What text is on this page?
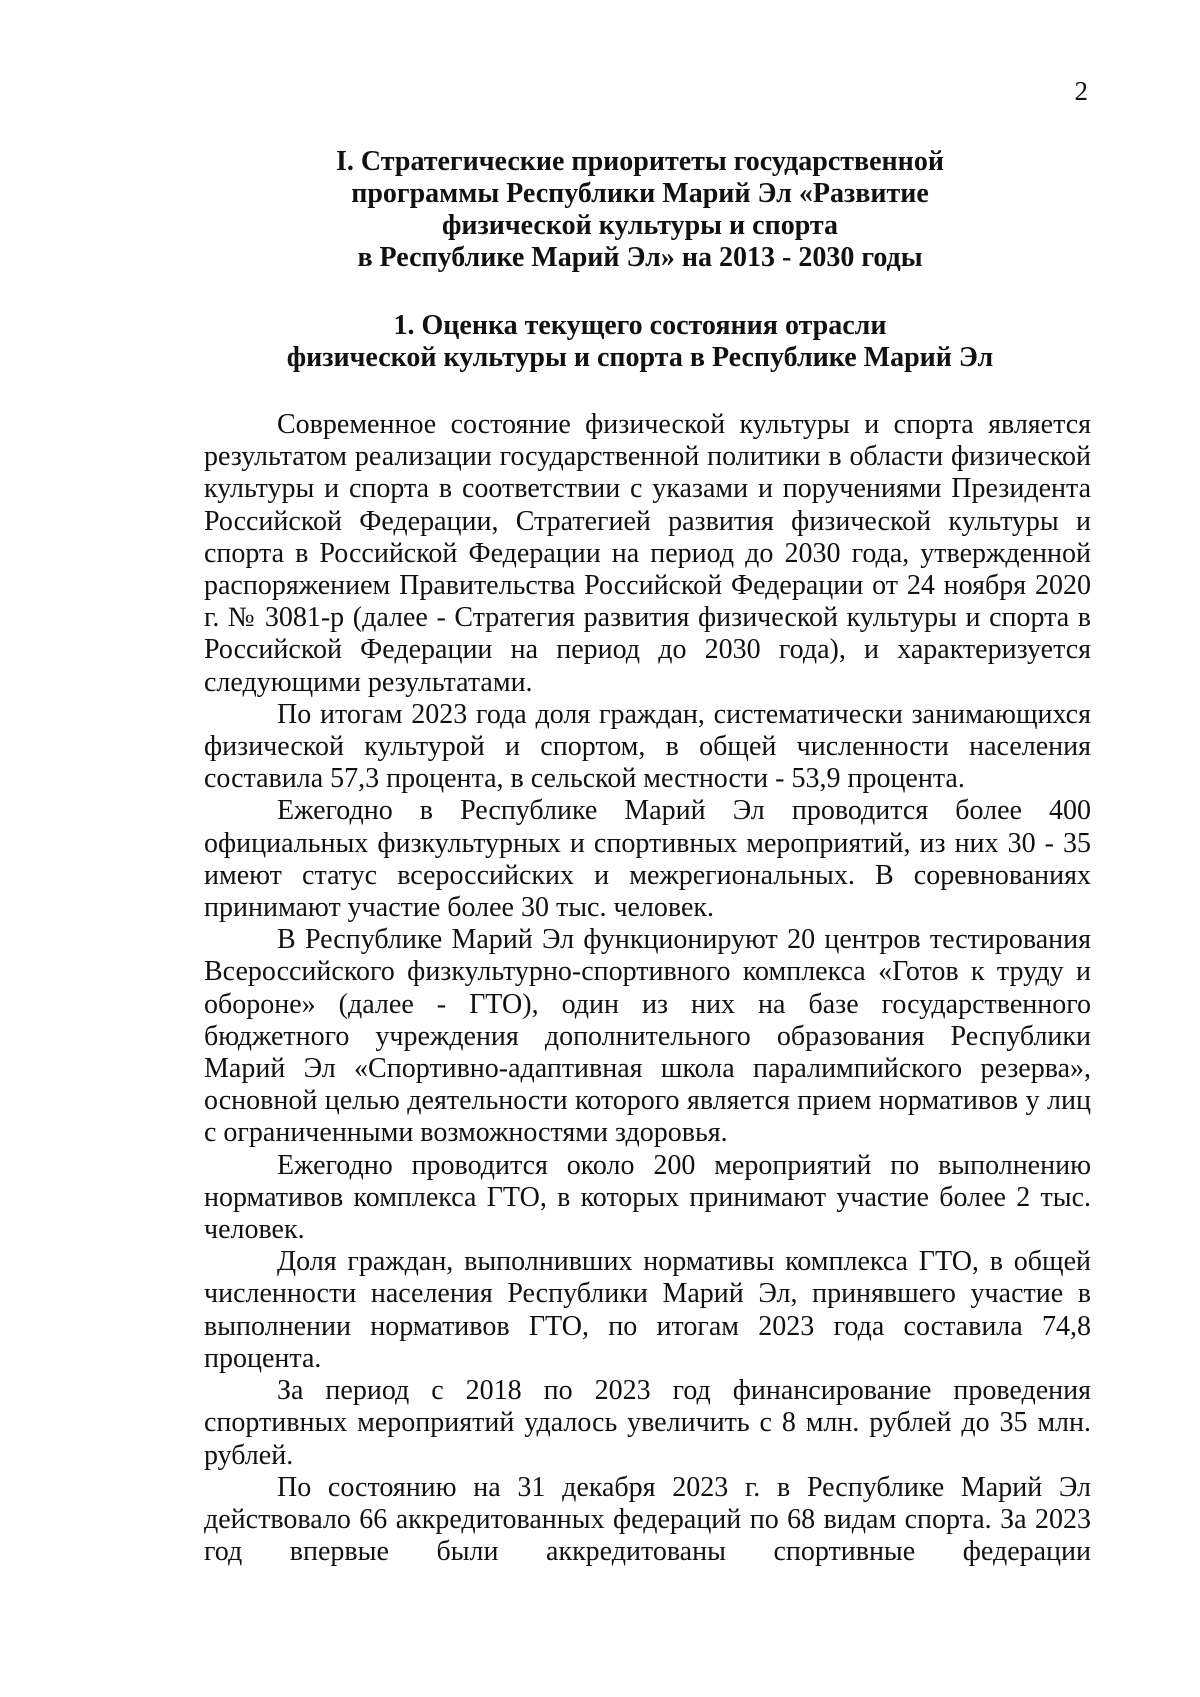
2
I. Стратегические приоритеты государственной
программы Республики Марий Эл «Развитие
физической культуры и спорта
в Республике Марий Эл» на 2013 - 2030 годы
1. Оценка текущего состояния отрасли
физической культуры и спорта в Республике Марий Эл

Современное состояние физической культуры и спорта является результатом реализации государственной политики в области физической культуры и спорта в соответствии с указами и поручениями Президента Российской Федерации, Стратегией развития физической культуры и спорта в Российской Федерации на период до 2030 года, утвержденной распоряжением Правительства Российской Федерации от 24 ноября 2020 г. № 3081-р (далее - Стратегия развития физической культуры и спорта в Российской Федерации на период до 2030 года), и характеризуется следующими результатами.

По итогам 2023 года доля граждан, систематически занимающихся физической культурой и спортом, в общей численности населения составила 57,3 процента, в сельской местности - 53,9 процента.

Ежегодно в Республике Марий Эл проводится более 400 официальных физкультурных и спортивных мероприятий, из них 30 - 35 имеют статус всероссийских и межрегиональных. В соревнованиях принимают участие более 30 тыс. человек.

В Республике Марий Эл функционируют 20 центров тестирования Всероссийского физкультурно-спортивного комплекса «Готов к труду и обороне» (далее - ГТО), один из них на базе государственного бюджетного учреждения дополнительного образования Республики Марий Эл «Спортивно-адаптивная школа паралимпийского резерва», основной целью деятельности которого является прием нормативов у лиц с ограниченными возможностями здоровья.

Ежегодно проводится около 200 мероприятий по выполнению нормативов комплекса ГТО, в которых принимают участие более 2 тыс. человек.

Доля граждан, выполнивших нормативы комплекса ГТО, в общей численности населения Республики Марий Эл, принявшего участие в выполнении нормативов ГТО, по итогам 2023 года составила 74,8 процента.

За период с 2018 по 2023 год финансирование проведения спортивных мероприятий удалось увеличить с 8 млн. рублей до 35 млн. рублей.

По состоянию на 31 декабря 2023 г. в Республике Марий Эл действовало 66 аккредитованных федераций по 68 видам спорта. За 2023 год впервые были аккредитованы спортивные федерации
